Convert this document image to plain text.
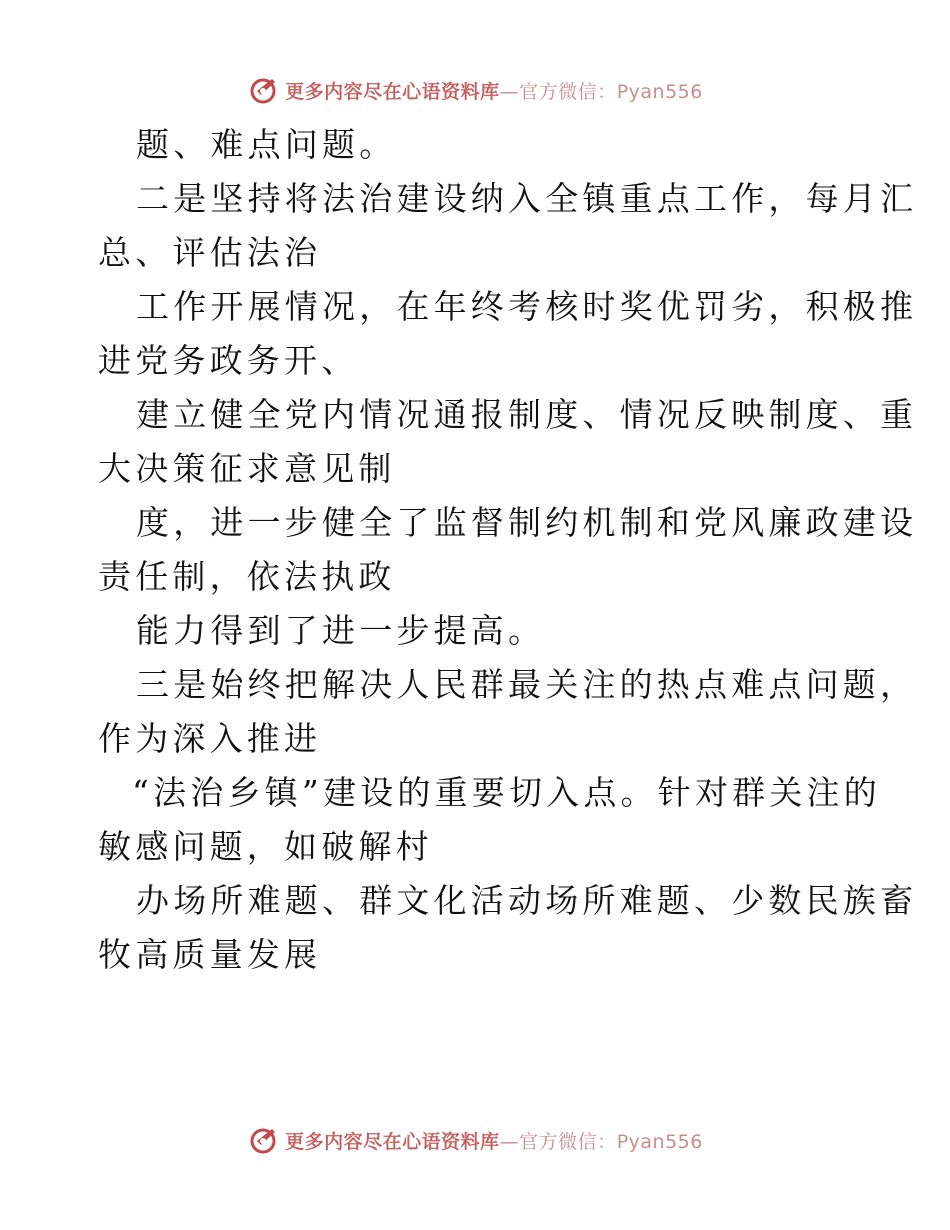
更多内容尽在心语资料库—官方微信：Pyan556

题、难点问题。

二是坚持将法治建设纳入全镇重点工作，每月汇

总、评估法治

工作开展情况，在年终考核时奖优罚劣，积极推

进党务政务开、

建立健全党内情况通报制度、情况反映制度、重

大决策征求意见制

度，进一步健全了监督制约机制和党风廉政建设

责任制，依法执政

能力得到了进一步提高。

三是始终把解决人民群最关注的热点难点问题，

作为深入推进

“法治乡镇”建设的重要切入点。针对群关注的

敏感问题，如破解村

办场所难题、群文化活动场所难题、少数民族畜

牧高质量发展

更多内容尽在心语资料库—官方微信：Pyan556
